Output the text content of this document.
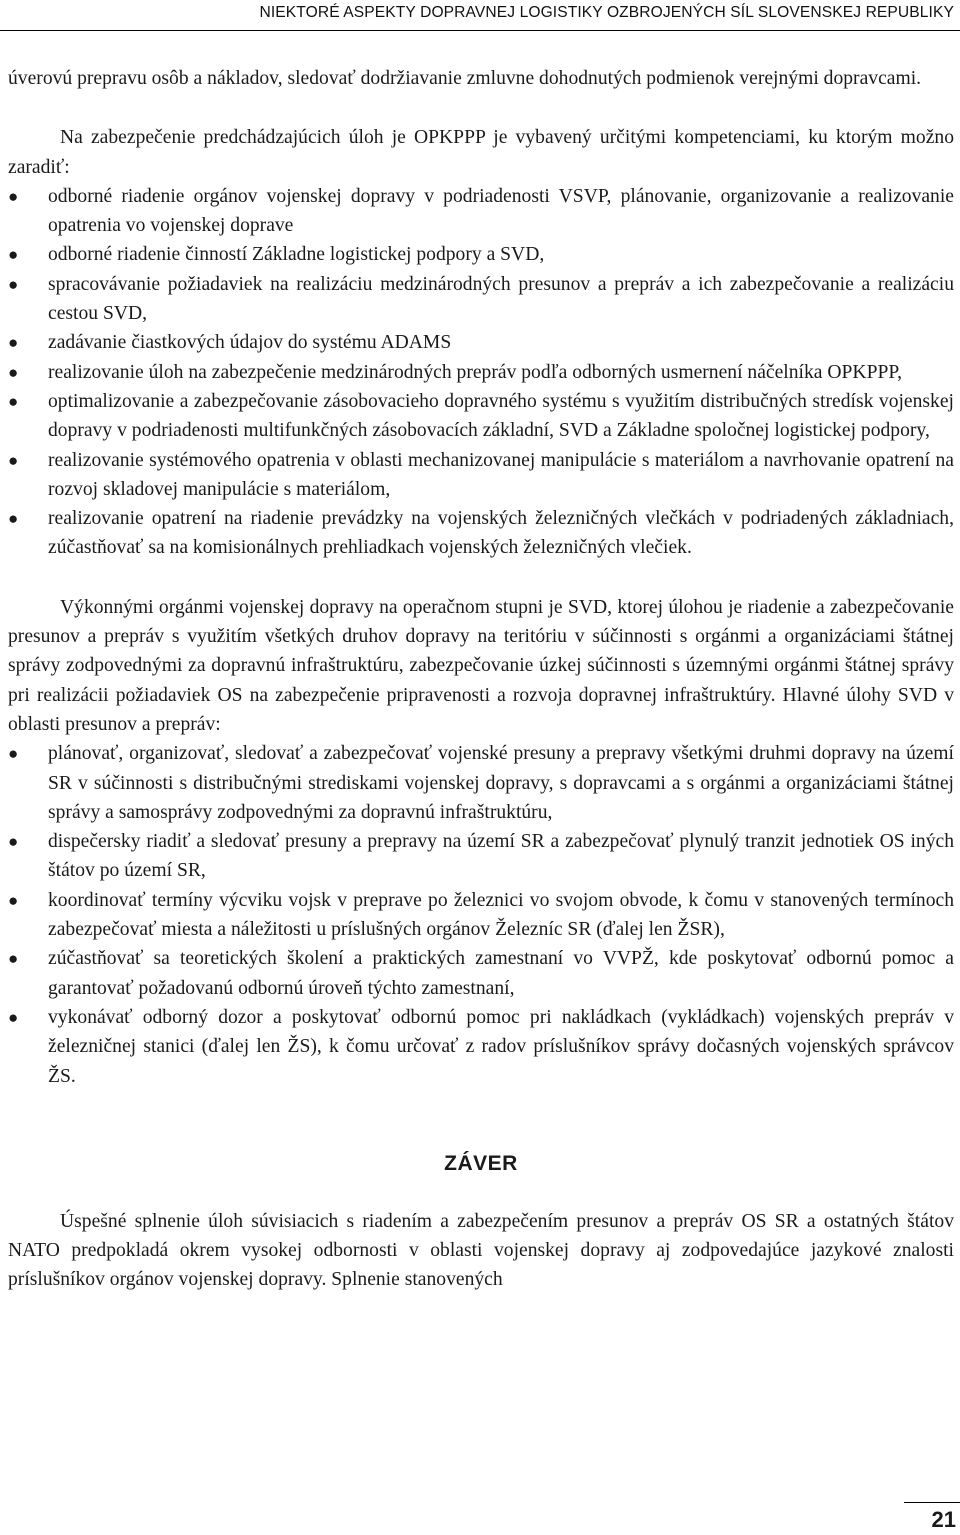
NIEKTORÉ ASPEKTY DOPRAVNEJ LOGISTIKY OZBROJENÝCH SÍL SLOVENSKEJ REPUBLIKY

úverovú prepravu osôb a nákladov, sledovať dodržiavanie zmluvne dohodnutých podmienok verejnými dopravcami.

Na zabezpečenie predchádzajúcich úloh je OPKPPP je vybavený určitými kompetenciami, ku ktorým možno zaradiť:

● odborné riadenie orgánov vojenskej dopravy v podriadenosti VSVP, plánovanie, organizovanie a realizovanie opatrenia vo vojenskej doprave
● odborné riadenie činností Základne logistickej podpory a SVD,
● spracovávanie požiadaviek na realizáciu medzinárodných presunov a prepráv a ich zabezpečovanie a realizáciu cestou SVD,
● zadávanie čiastkových údajov do systému ADAMS
● realizovanie úloh na zabezpečenie medzinárodných prepráv podľa odborných usmernení náčelníka OPKPPP,
● optimalizovanie a zabezpečovanie zásobovacieho dopravného systému s využitím distribučných stredísk vojenskej dopravy v podriadenosti multifunkčných zásobovacích základní, SVD a Základne spoločnej logistickej podpory,
● realizovanie systémového opatrenia v oblasti mechanizovanej manipulácie s materiálom a navrhovanie opatrení na rozvoj skladovej manipulácie s materiálom,
● realizovanie opatrení na riadenie prevádzky na vojenských železničných vlečkách v podriadených základniach, zúčastňovať sa na komisionálnych prehliadkach vojenských železničných vlečiek.

Výkonnými orgánmi vojenskej dopravy na operačnom stupni je SVD, ktorej úlohou je riadenie a zabezpečovanie presunov a prepráv s využitím všetkých druhov dopravy na teritóriu v súčinnosti s orgánmi a organizáciami štátnej správy zodpovednými za dopravnú infraštruktúru, zabezpečovanie úzkej súčinnosti s územnými orgánmi štátnej správy pri realizácii požiadaviek OS na zabezpečenie pripravenosti a rozvoja dopravnej infraštruktúry. Hlavné úlohy SVD v oblasti presunov a prepráv:

● plánovať, organizovať, sledovať a zabezpečovať vojenské presuny a prepravy všetkými druhmi dopravy na území SR v súčinnosti s distribučnými strediskami vojenskej dopravy, s dopravcami a s orgánmi a organizáciami štátnej správy a samosprávy zodpovednými za dopravnú infraštruktúru,
● dispečersky riadiť a sledovať presuny a prepravy na území SR a zabezpečovať plynulý tranzit jednotiek OS iných štátov po území SR,
● koordinovať termíny výcviku vojsk v preprave po železnici vo svojom obvode, k čomu v stanovených termínoch zabezpečovať miesta a náležitosti u príslušných orgánov Železníc SR (ďalej len ŽSR),
● zúčastňovať sa teoretických školení a praktických zamestnaní vo VVPŽ, kde poskytovať odbornú pomoc a garantovať požadovanú odbornú úroveň týchto zamestnaní,
● vykonávať odborný dozor a poskytovať odbornú pomoc pri nakládkach (vykládkach) vojenských prepráv v železničnej stanici (ďalej len ŽS), k čomu určovať z radov príslušníkov správy dočasných vojenských správcov ŽS.
ZÁVER

Úspešné splnenie úloh súvisiacich s riadením a zabezpečením presunov a prepráv OS SR a ostatných štátov NATO predpokladá okrem vysokej odbornosti v oblasti vojenskej dopravy aj zodpovedajúce jazykové znalosti príslušníkov orgánov vojenskej dopravy. Splnenie stanovených

21
